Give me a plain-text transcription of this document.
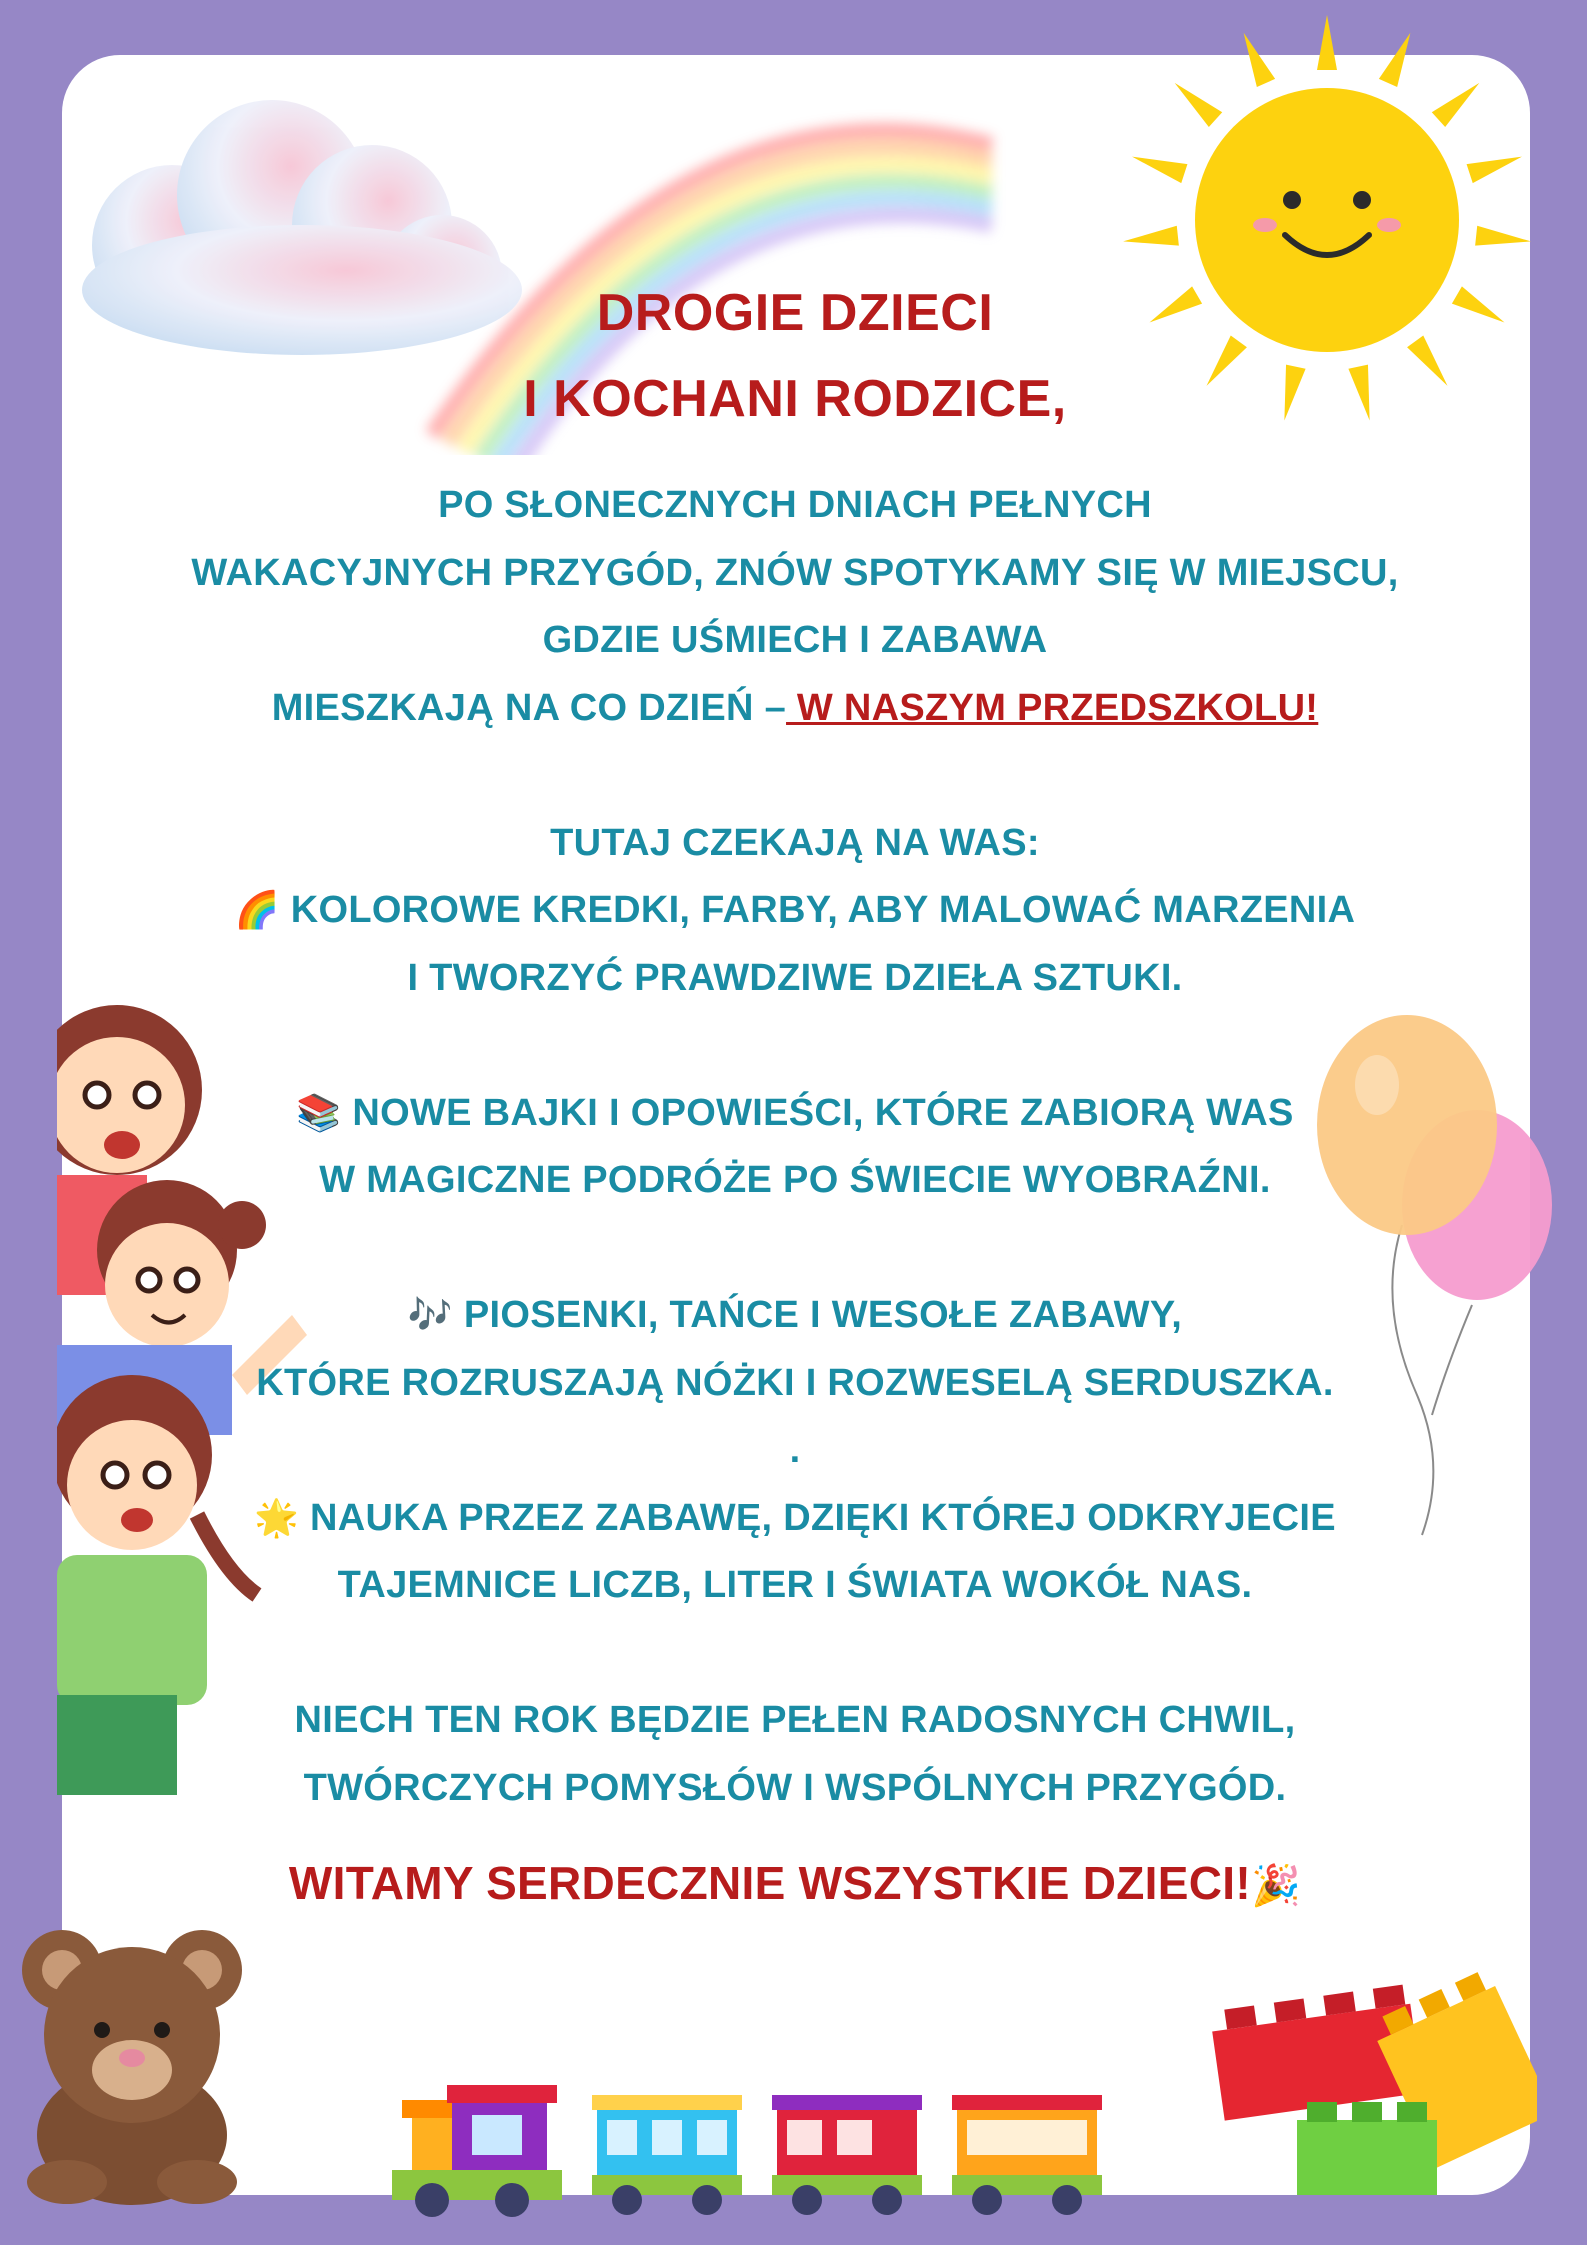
DROGIE DZIECI
I KOCHANI RODZICE,
PO SŁONECZNYCH DNIACH PEŁNYCH
WAKACYJNYCH PRZYGÓD, ZNÓW SPOTYKAMY SIĘ W MIEJSCU,
GDZIE UŚMIECH I ZABAWA
MIESZKAJĄ NA CO DZIEŃ – W NASZYM PRZEDSZKOLU!
TUTAJ CZEKAJĄ NA WAS:
🌈 KOLOROWE KREDKI, FARBY, ABY MALOWAĆ MARZENIA
I TWORZYĆ PRAWDZIWE DZIEŁA SZTUKI.
📚 NOWE BAJKI I OPOWIEŚCI, KTÓRE ZABIORĄ WAS
W MAGICZNE PODRÓŻE PO ŚWIECIE WYOBRAŹNI.
🎶 PIOSENKI, TAŃCE I WESOŁE ZABAWY,
KTÓRE ROZRUSZAJĄ NÓŻKI I ROZWESELĄ SERDUSZKA.
.
🌟 NAUKA PRZEZ ZABAWĘ, DZIĘKI KTÓREJ ODKRYJECIE
TAJEMNICE LICZB, LITER I ŚWIATA WOKÓŁ NAS.
NIECH TEN ROK BĘDZIE PEŁEN RADOSNYCH CHWIL,
TWÓRCZYCH POMYSŁÓW I WSPÓLNYCH PRZYGÓD.
WITAMY SERDECZNIE WSZYSTKIE DZIECI!🎉
